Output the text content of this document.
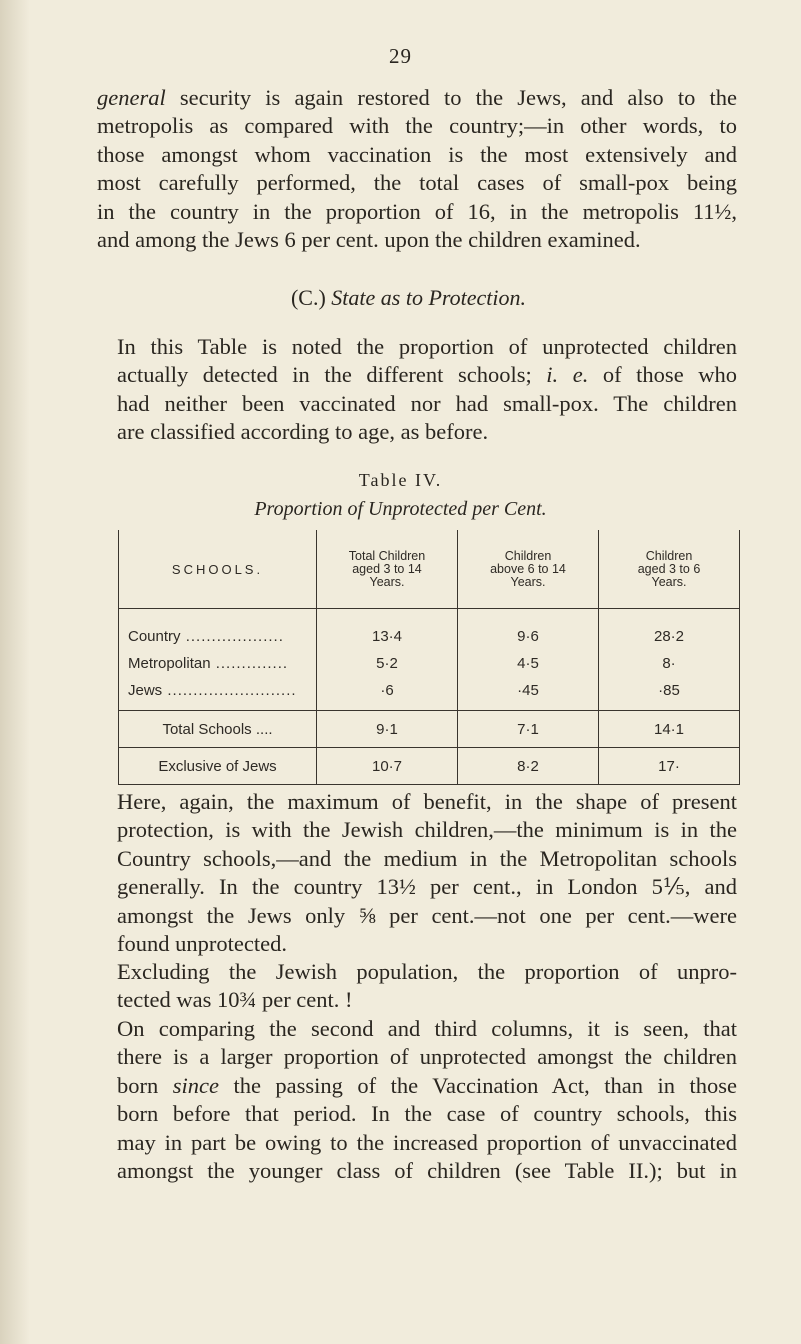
29

general security is again restored to the Jews, and also to the
metropolis as compared with the country;—in other words, to
those amongst whom vaccination is the most extensively and
most carefully performed, the total cases of small-pox being
in the country in the proportion of 16, in the metropolis 11½,
and among the Jews 6 per cent. upon the children examined.

(C.) State as to Protection.

In this Table is noted the proportion of unprotected children
actually detected in the different schools; i. e. of those who
had neither been vaccinated nor had small-pox. The children
are classified according to age, as before.

Table IV.
Proportion of Unprotected per Cent.
SCHOOLS.	Total Children
aged 3 to 14
Years.	Children
above 6 to 14
Years.	Children
aged 3 to 6
Years.
Country ...................	13·4	9·6	28·2
Metropolitan ..............	5·2	4·5	8·
Jews .........................	·6	·45	·85
Total Schools ....	9·1	7·1	14·1
Exclusive of Jews	10·7	8·2	17·

Here, again, the maximum of benefit, in the shape of present
protection, is with the Jewish children,—the minimum is in the
Country schools,—and the medium in the Metropolitan schools
generally. In the country 13½ per cent., in London 5⅕, and
amongst the Jews only ⅝ per cent.—not one per cent.—were
found unprotected.

Excluding the Jewish population, the proportion of unpro-
tected was 10¾ per cent. !

On comparing the second and third columns, it is seen, that
there is a larger proportion of unprotected amongst the children
born since the passing of the Vaccination Act, than in those
born before that period. In the case of country schools, this
may in part be owing to the increased proportion of unvaccinated
amongst the younger class of children (see Table II.); but in
